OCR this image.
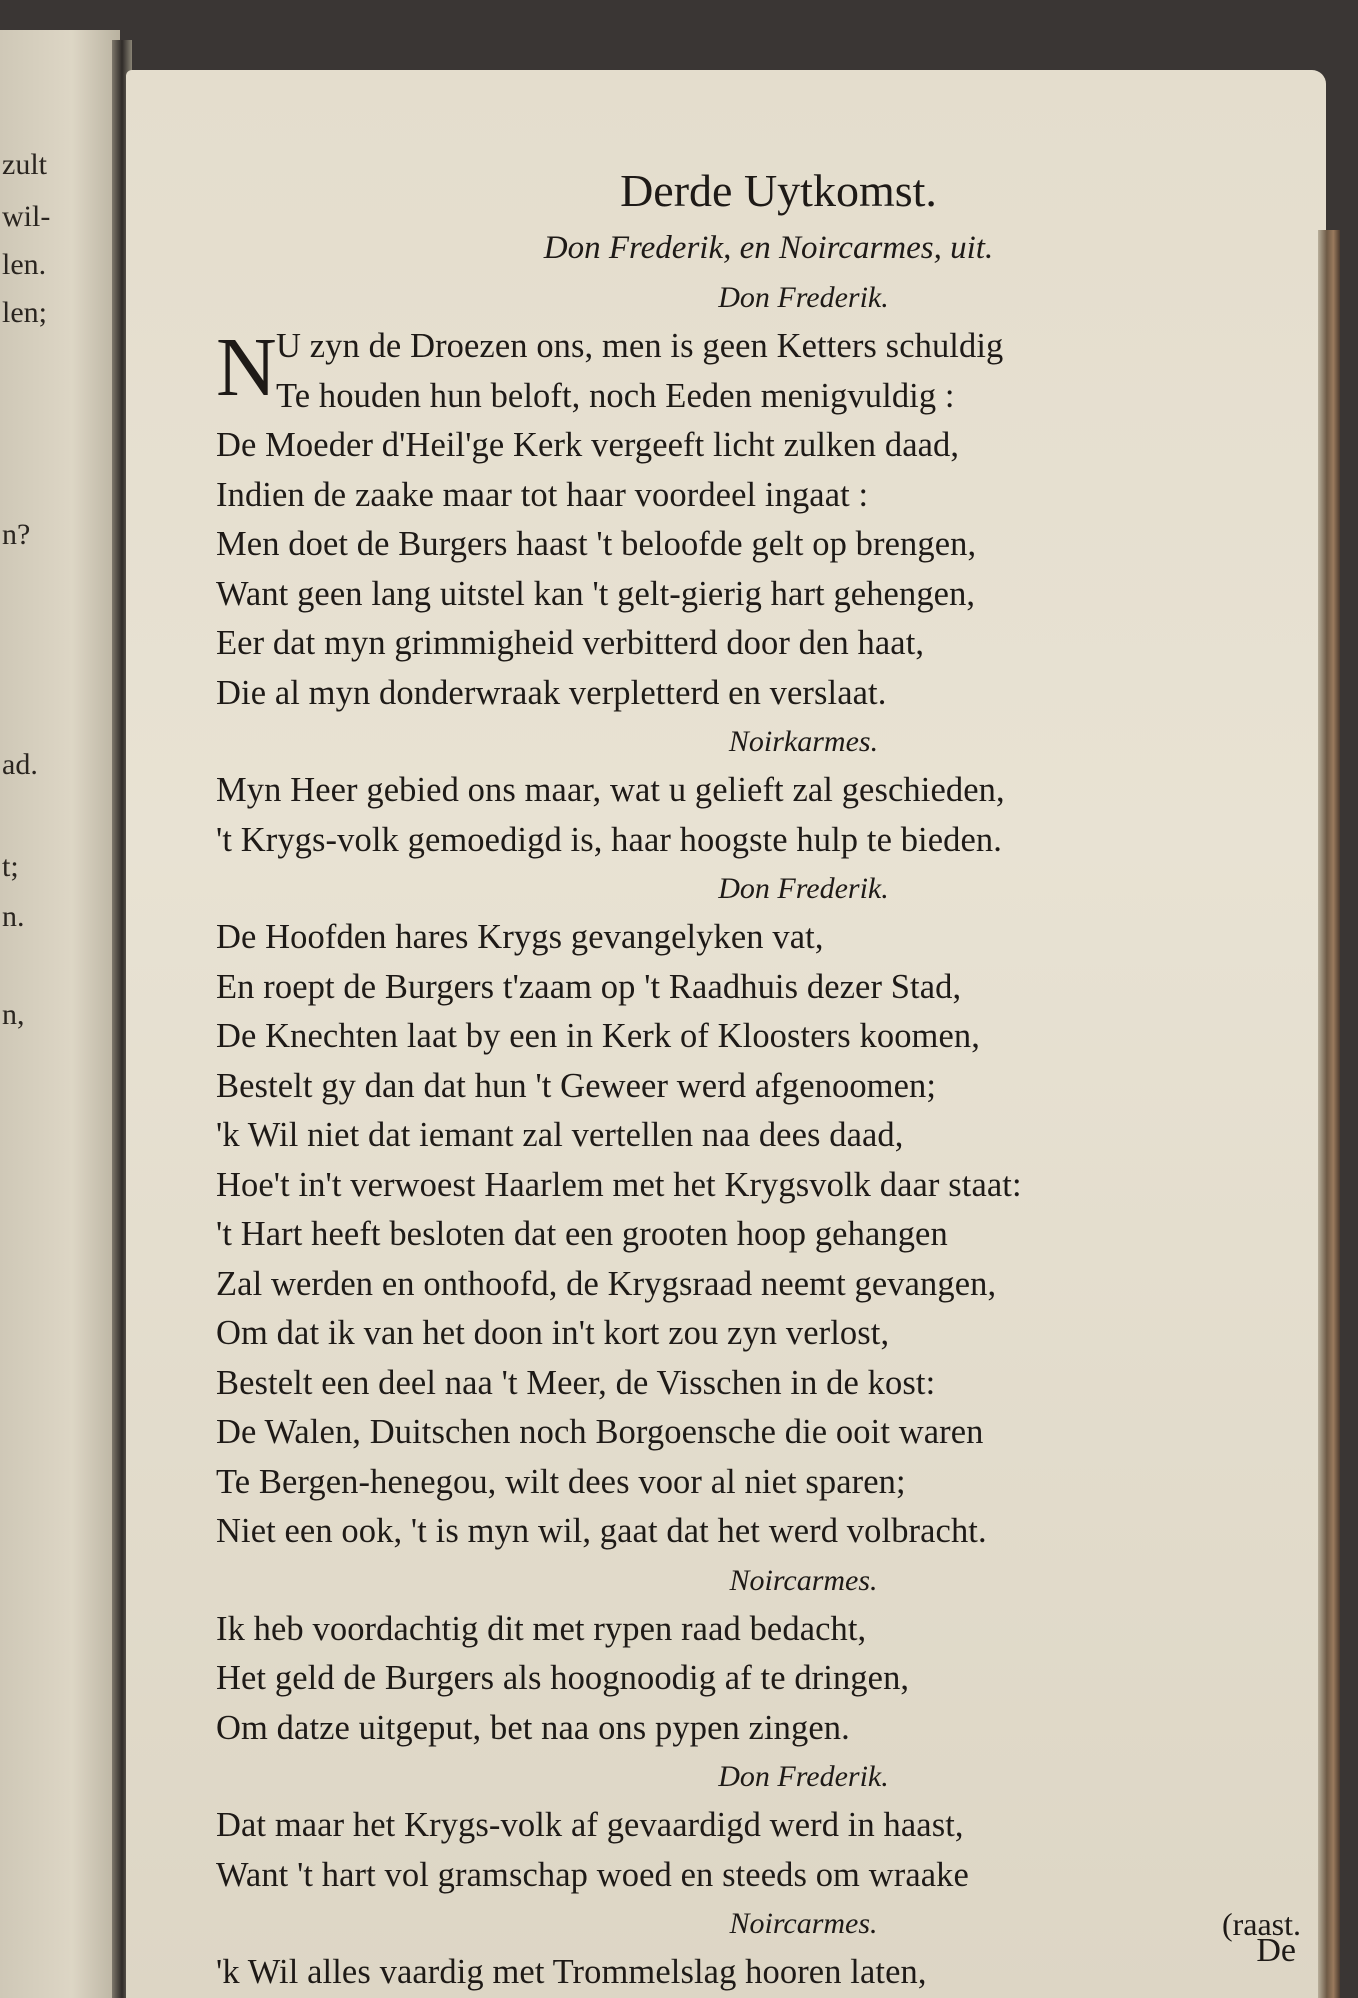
zult
wil-
len.
len;
n?
ad.
t;
n.
n,
Derde Uytkomst.
Don Frederik, en Noircarmes, uit.
Don Frederik.
N U zyn de Droezen ons, men is geen Ketters schuldig
Te houden hun beloft, noch Eeden menigvuldig :
De Moeder d'Heil'ge Kerk vergeeft licht zulken daad,
Indien de zaake maar tot haar voordeel ingaat :
Men doet de Burgers haast 't beloofde gelt op brengen,
Want geen lang uitstel kan 't gelt-gierig hart gehengen,
Eer dat myn grimmigheid verbitterd door den haat,
Die al myn donderwraak verpletterd en verslaat.
Noirkarmes.
Myn Heer gebied ons maar, wat u gelieft zal geschieden,
't Krygs-volk gemoedigd is, haar hoogste hulp te bieden.
Don Frederik.
De Hoofden hares Krygs gevangelyken vat,
En roept de Burgers t'zaam op 't Raadhuis dezer Stad,
De Knechten laat by een in Kerk of Kloosters koomen,
Bestelt gy dan dat hun 't Geweer werd afgenoomen;
'k Wil niet dat iemant zal vertellen naa dees daad,
Hoe't in't verwoest Haarlem met het Krygsvolk daar staat:
't Hart heeft besloten dat een grooten hoop gehangen
Zal werden en onthoofd, de Krygsraad neemt gevangen,
Om dat ik van het doon in't kort zou zyn verlost,
Bestelt een deel naa 't Meer, de Visschen in de kost:
De Walen, Duitschen noch Borgoensche die ooit waren
Te Bergen-henegou, wilt dees voor al niet sparen;
Niet een ook, 't is myn wil, gaat dat het werd volbracht.
Noircarmes.
Ik heb voordachtig dit met rypen raad bedacht,
Het geld de Burgers als hoognoodig af te dringen,
Om datze uitgeput, bet naa ons pypen zingen.
Don Frederik.
Dat maar het Krygs-volk af gevaardigd werd in haast,
Want 't hart vol gramschap woed en steeds om wraake
Noircarmes.	(raast.
'k Wil alles vaardig met Trommelslag hooren laten,
De
